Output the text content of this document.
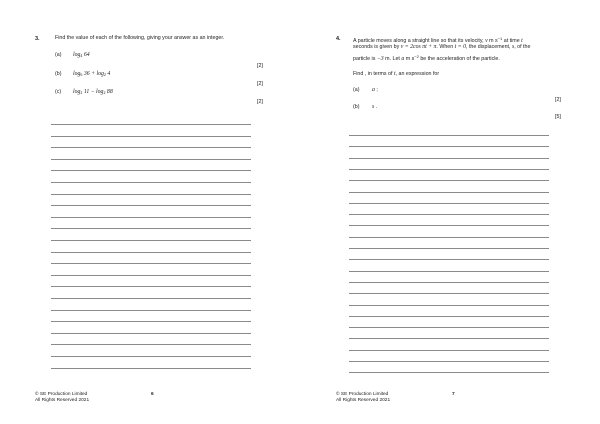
3.	Find the value of each of the following, giving your answer as an integer.
(a) $\log_4 64$
[2]
(b) $\log_6 36 + \log_2 4$
[2]
(c) $\log_2 11 - \log_2 88$
[2]
© SE Production Limited
All Rights Reserved 2021
6
4. A particle moves along a straight line so that its velocity, v m $s^{-1}$ at time t
seconds is given by v = 2cos πt + π. When t = 0, the displacement, s, of the
particle is −3 m. Let a m $s^{-2}$ be the acceleration of the particle.
Find , in terms of t, an expression for
(a) a ;
[2]
(b) s .
[5]
© SE Production Limited
All Rights Reserved 2021
7
